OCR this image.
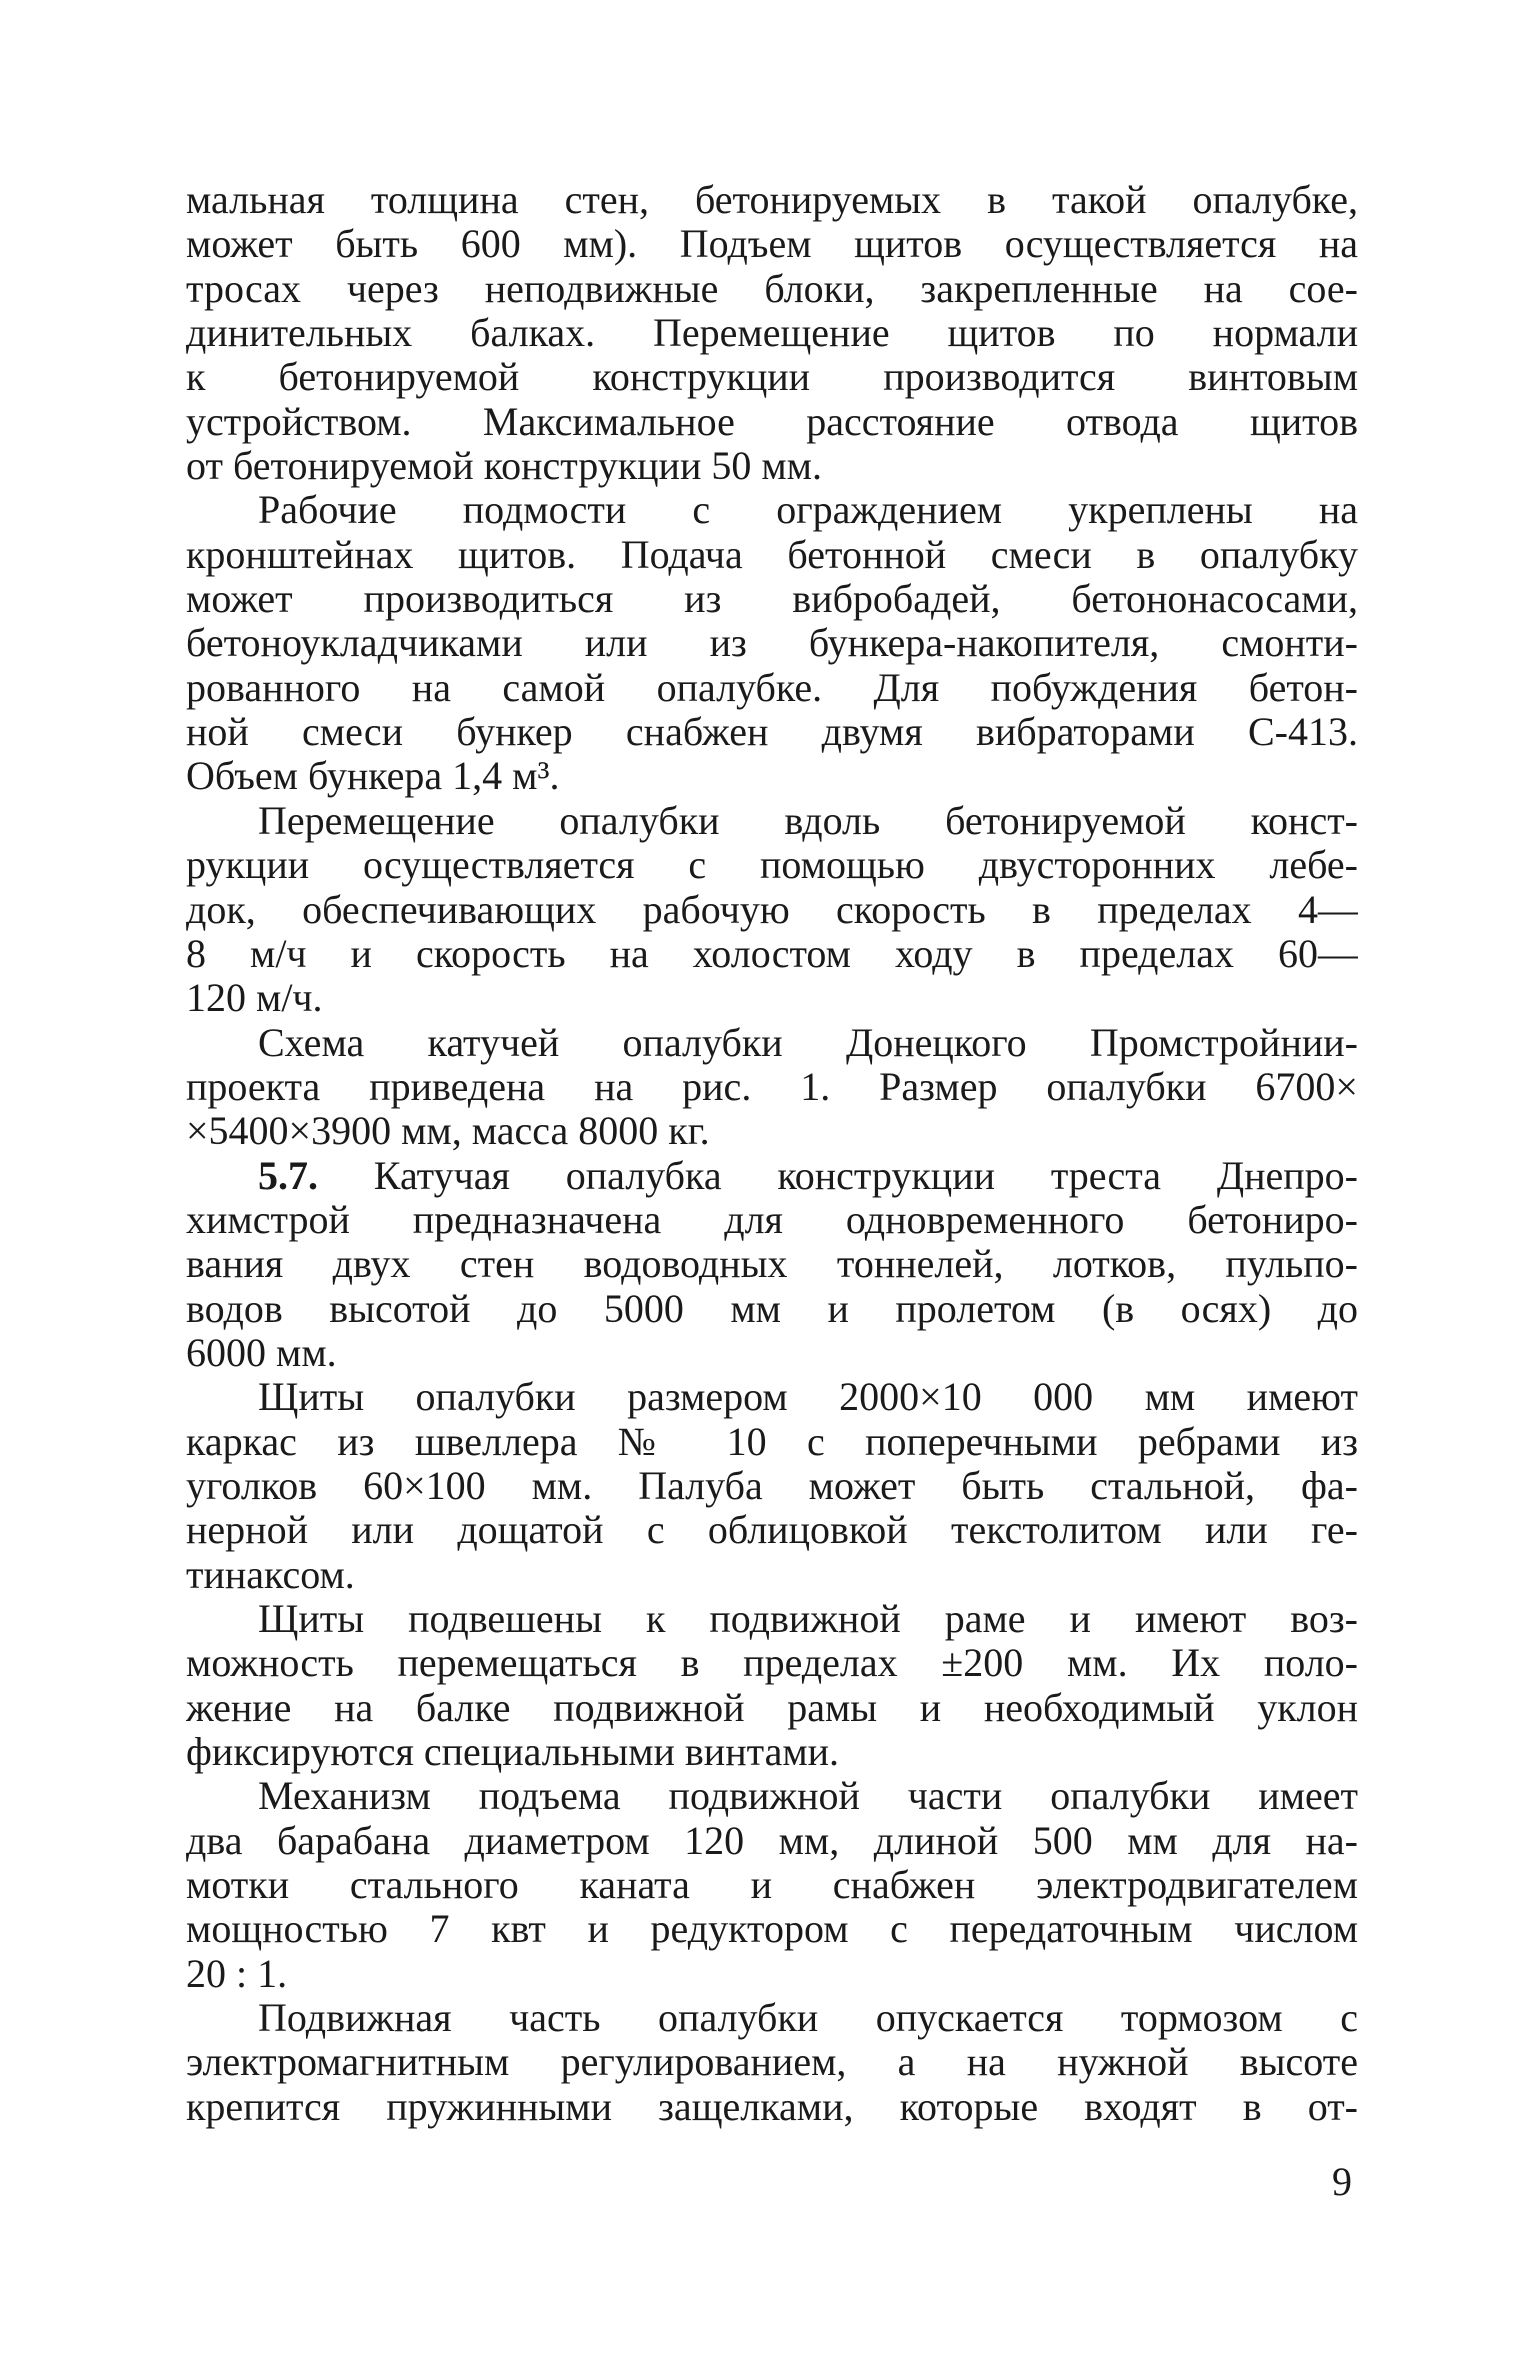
мальная толщина стен, бетонируемых в такой опалубке,
может быть 600 мм). Подъем щитов осуществляется на
тросах через неподвижные блоки, закрепленные на сое-
динительных балках. Перемещение щитов по нормали
к бетонируемой конструкции производится винтовым
устройством. Максимальное расстояние отвода щитов
от бетонируемой конструкции 50 мм.
Рабочие подмости с ограждением укреплены на
кронштейнах щитов. Подача бетонной смеси в опалубку
может производиться из вибробадей, бетононасосами,
бетоноукладчиками или из бункера-накопителя, смонти-
рованного на самой опалубке. Для побуждения бетон-
ной смеси бункер снабжен двумя вибраторами С-413.
Объем бункера 1,4 м³.
Перемещение опалубки вдоль бетонируемой конст-
рукции осуществляется с помощью двусторонних лебе-
док, обеспечивающих рабочую скорость в пределах 4—
8 м/ч и скорость на холостом ходу в пределах 60—
120 м/ч.
Схема катучей опалубки Донецкого Промстройнии-
проекта приведена на рис. 1. Размер опалубки 6700×
×5400×3900 мм, масса 8000 кг.
5.7. Катучая опалубка конструкции треста Днепро-
химстрой предназначена для одновременного бетониро-
вания двух стен водоводных тоннелей, лотков, пульпо-
водов высотой до 5000 мм и пролетом (в осях) до
6000 мм.
Щиты опалубки размером 2000×10 000 мм имеют
каркас из швеллера № 10 с поперечными ребрами из
уголков 60×100 мм. Палуба может быть стальной, фа-
нерной или дощатой с облицовкой текстолитом или ге-
тинаксом.
Щиты подвешены к подвижной раме и имеют воз-
можность перемещаться в пределах ±200 мм. Их поло-
жение на балке подвижной рамы и необходимый уклон
фиксируются специальными винтами.
Механизм подъема подвижной части опалубки имеет
два барабана диаметром 120 мм, длиной 500 мм для на-
мотки стального каната и снабжен электродвигателем
мощностью 7 квт и редуктором с передаточным числом
20 : 1.
Подвижная часть опалубки опускается тормозом с
электромагнитным регулированием, а на нужной высоте
крепится пружинными защелками, которые входят в от-
9
